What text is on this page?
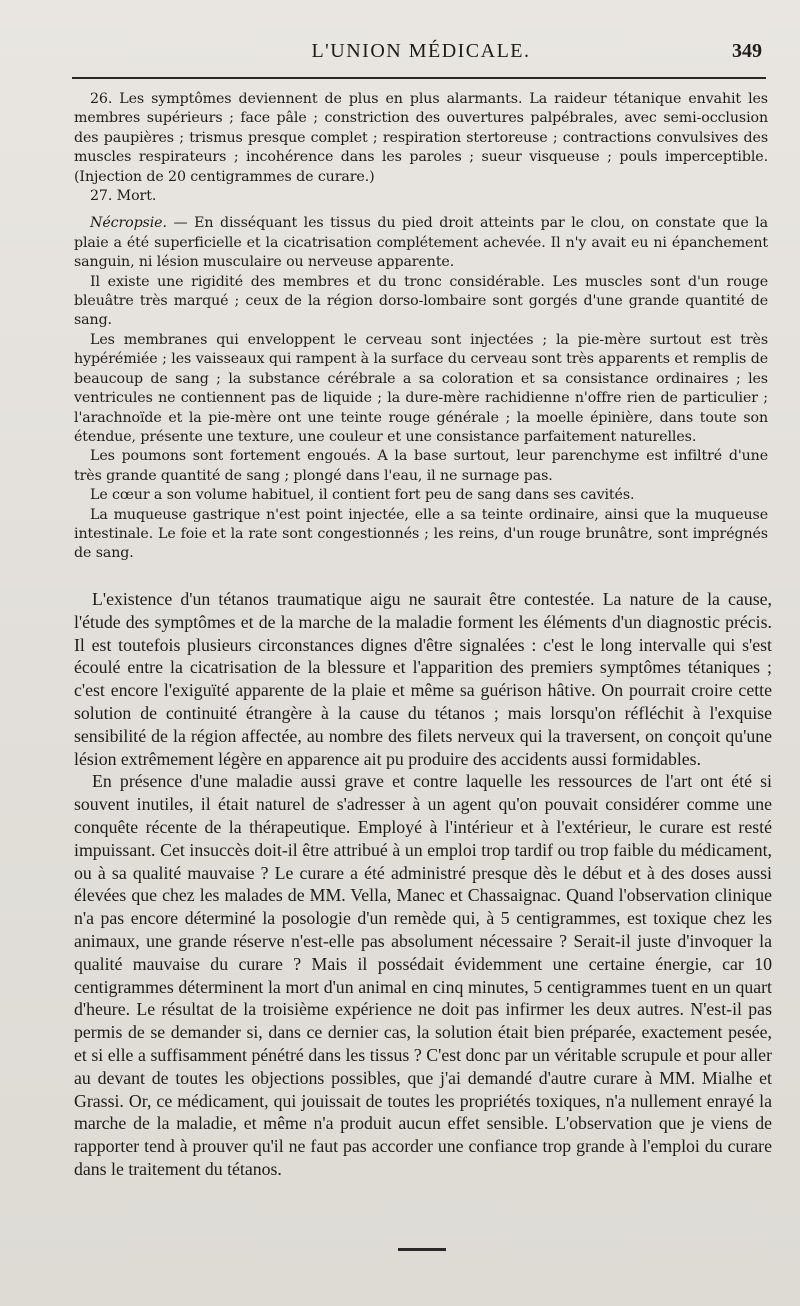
L'UNION MÉDICALE.	349

26. Les symptômes deviennent de plus en plus alarmants. La raideur tétanique envahit les membres supérieurs ; face pâle ; constriction des ouvertures palpébrales, avec semi-occlusion des paupières ; trismus presque complet ; respiration stertoreuse ; contractions convulsives des muscles respirateurs ; incohérence dans les paroles ; sueur visqueuse ; pouls imperceptible. (Injection de 20 centigrammes de curare.)

27. Mort.

Nécropsie. — En disséquant les tissus du pied droit atteints par le clou, on constate que la plaie a été superficielle et la cicatrisation complétement achevée. Il n'y avait eu ni épanchement sanguin, ni lésion musculaire ou nerveuse apparente.

Il existe une rigidité des membres et du tronc considérable. Les muscles sont d'un rouge bleuâtre très marqué ; ceux de la région dorso-lombaire sont gorgés d'une grande quantité de sang.

Les membranes qui enveloppent le cerveau sont injectées ; la pie-mère surtout est très hypérémiée ; les vaisseaux qui rampent à la surface du cerveau sont très apparents et remplis de beaucoup de sang ; la substance cérébrale a sa coloration et sa consistance ordinaires ; les ventricules ne contiennent pas de liquide ; la dure-mère rachidienne n'offre rien de particulier ; l'arachnoïde et la pie-mère ont une teinte rouge générale ; la moelle épinière, dans toute son étendue, présente une texture, une couleur et une consistance parfaitement naturelles.

Les poumons sont fortement engoués. A la base surtout, leur parenchyme est infiltré d'une très grande quantité de sang ; plongé dans l'eau, il ne surnage pas.

Le cœur a son volume habituel, il contient fort peu de sang dans ses cavités.

La muqueuse gastrique n'est point injectée, elle a sa teinte ordinaire, ainsi que la muqueuse intestinale. Le foie et la rate sont congestionnés ; les reins, d'un rouge brunâtre, sont imprégnés de sang.

L'existence d'un tétanos traumatique aigu ne saurait être contestée. La nature de la cause, l'étude des symptômes et de la marche de la maladie forment les éléments d'un diagnostic précis. Il est toutefois plusieurs circonstances dignes d'être signalées : c'est le long intervalle qui s'est écoulé entre la cicatrisation de la blessure et l'apparition des premiers symptômes tétaniques ; c'est encore l'exiguïté apparente de la plaie et même sa guérison hâtive. On pourrait croire cette solution de continuité étrangère à la cause du tétanos ; mais lorsqu'on réfléchit à l'exquise sensibilité de la région affectée, au nombre des filets nerveux qui la traversent, on conçoit qu'une lésion extrêmement légère en apparence ait pu produire des accidents aussi formidables.

En présence d'une maladie aussi grave et contre laquelle les ressources de l'art ont été si souvent inutiles, il était naturel de s'adresser à un agent qu'on pouvait considérer comme une conquête récente de la thérapeutique. Employé à l'intérieur et à l'extérieur, le curare est resté impuissant. Cet insuccès doit-il être attribué à un emploi trop tardif ou trop faible du médicament, ou à sa qualité mauvaise ? Le curare a été administré presque dès le début et à des doses aussi élevées que chez les malades de MM. Vella, Manec et Chassaignac. Quand l'observation clinique n'a pas encore déterminé la posologie d'un remède qui, à 5 centigrammes, est toxique chez les animaux, une grande réserve n'est-elle pas absolument nécessaire ? Serait-il juste d'invoquer la qualité mauvaise du curare ? Mais il possédait évidemment une certaine énergie, car 10 centigrammes déterminent la mort d'un animal en cinq minutes, 5 centigrammes tuent en un quart d'heure. Le résultat de la troisième expérience ne doit pas infirmer les deux autres. N'est-il pas permis de se demander si, dans ce dernier cas, la solution était bien préparée, exactement pesée, et si elle a suffisamment pénétré dans les tissus ? C'est donc par un véritable scrupule et pour aller au devant de toutes les objections possibles, que j'ai demandé d'autre curare à MM. Mialhe et Grassi. Or, ce médicament, qui jouissait de toutes les propriétés toxiques, n'a nullement enrayé la marche de la maladie, et même n'a produit aucun effet sensible. L'observation que je viens de rapporter tend à prouver qu'il ne faut pas accorder une confiance trop grande à l'emploi du curare dans le traitement du tétanos.
